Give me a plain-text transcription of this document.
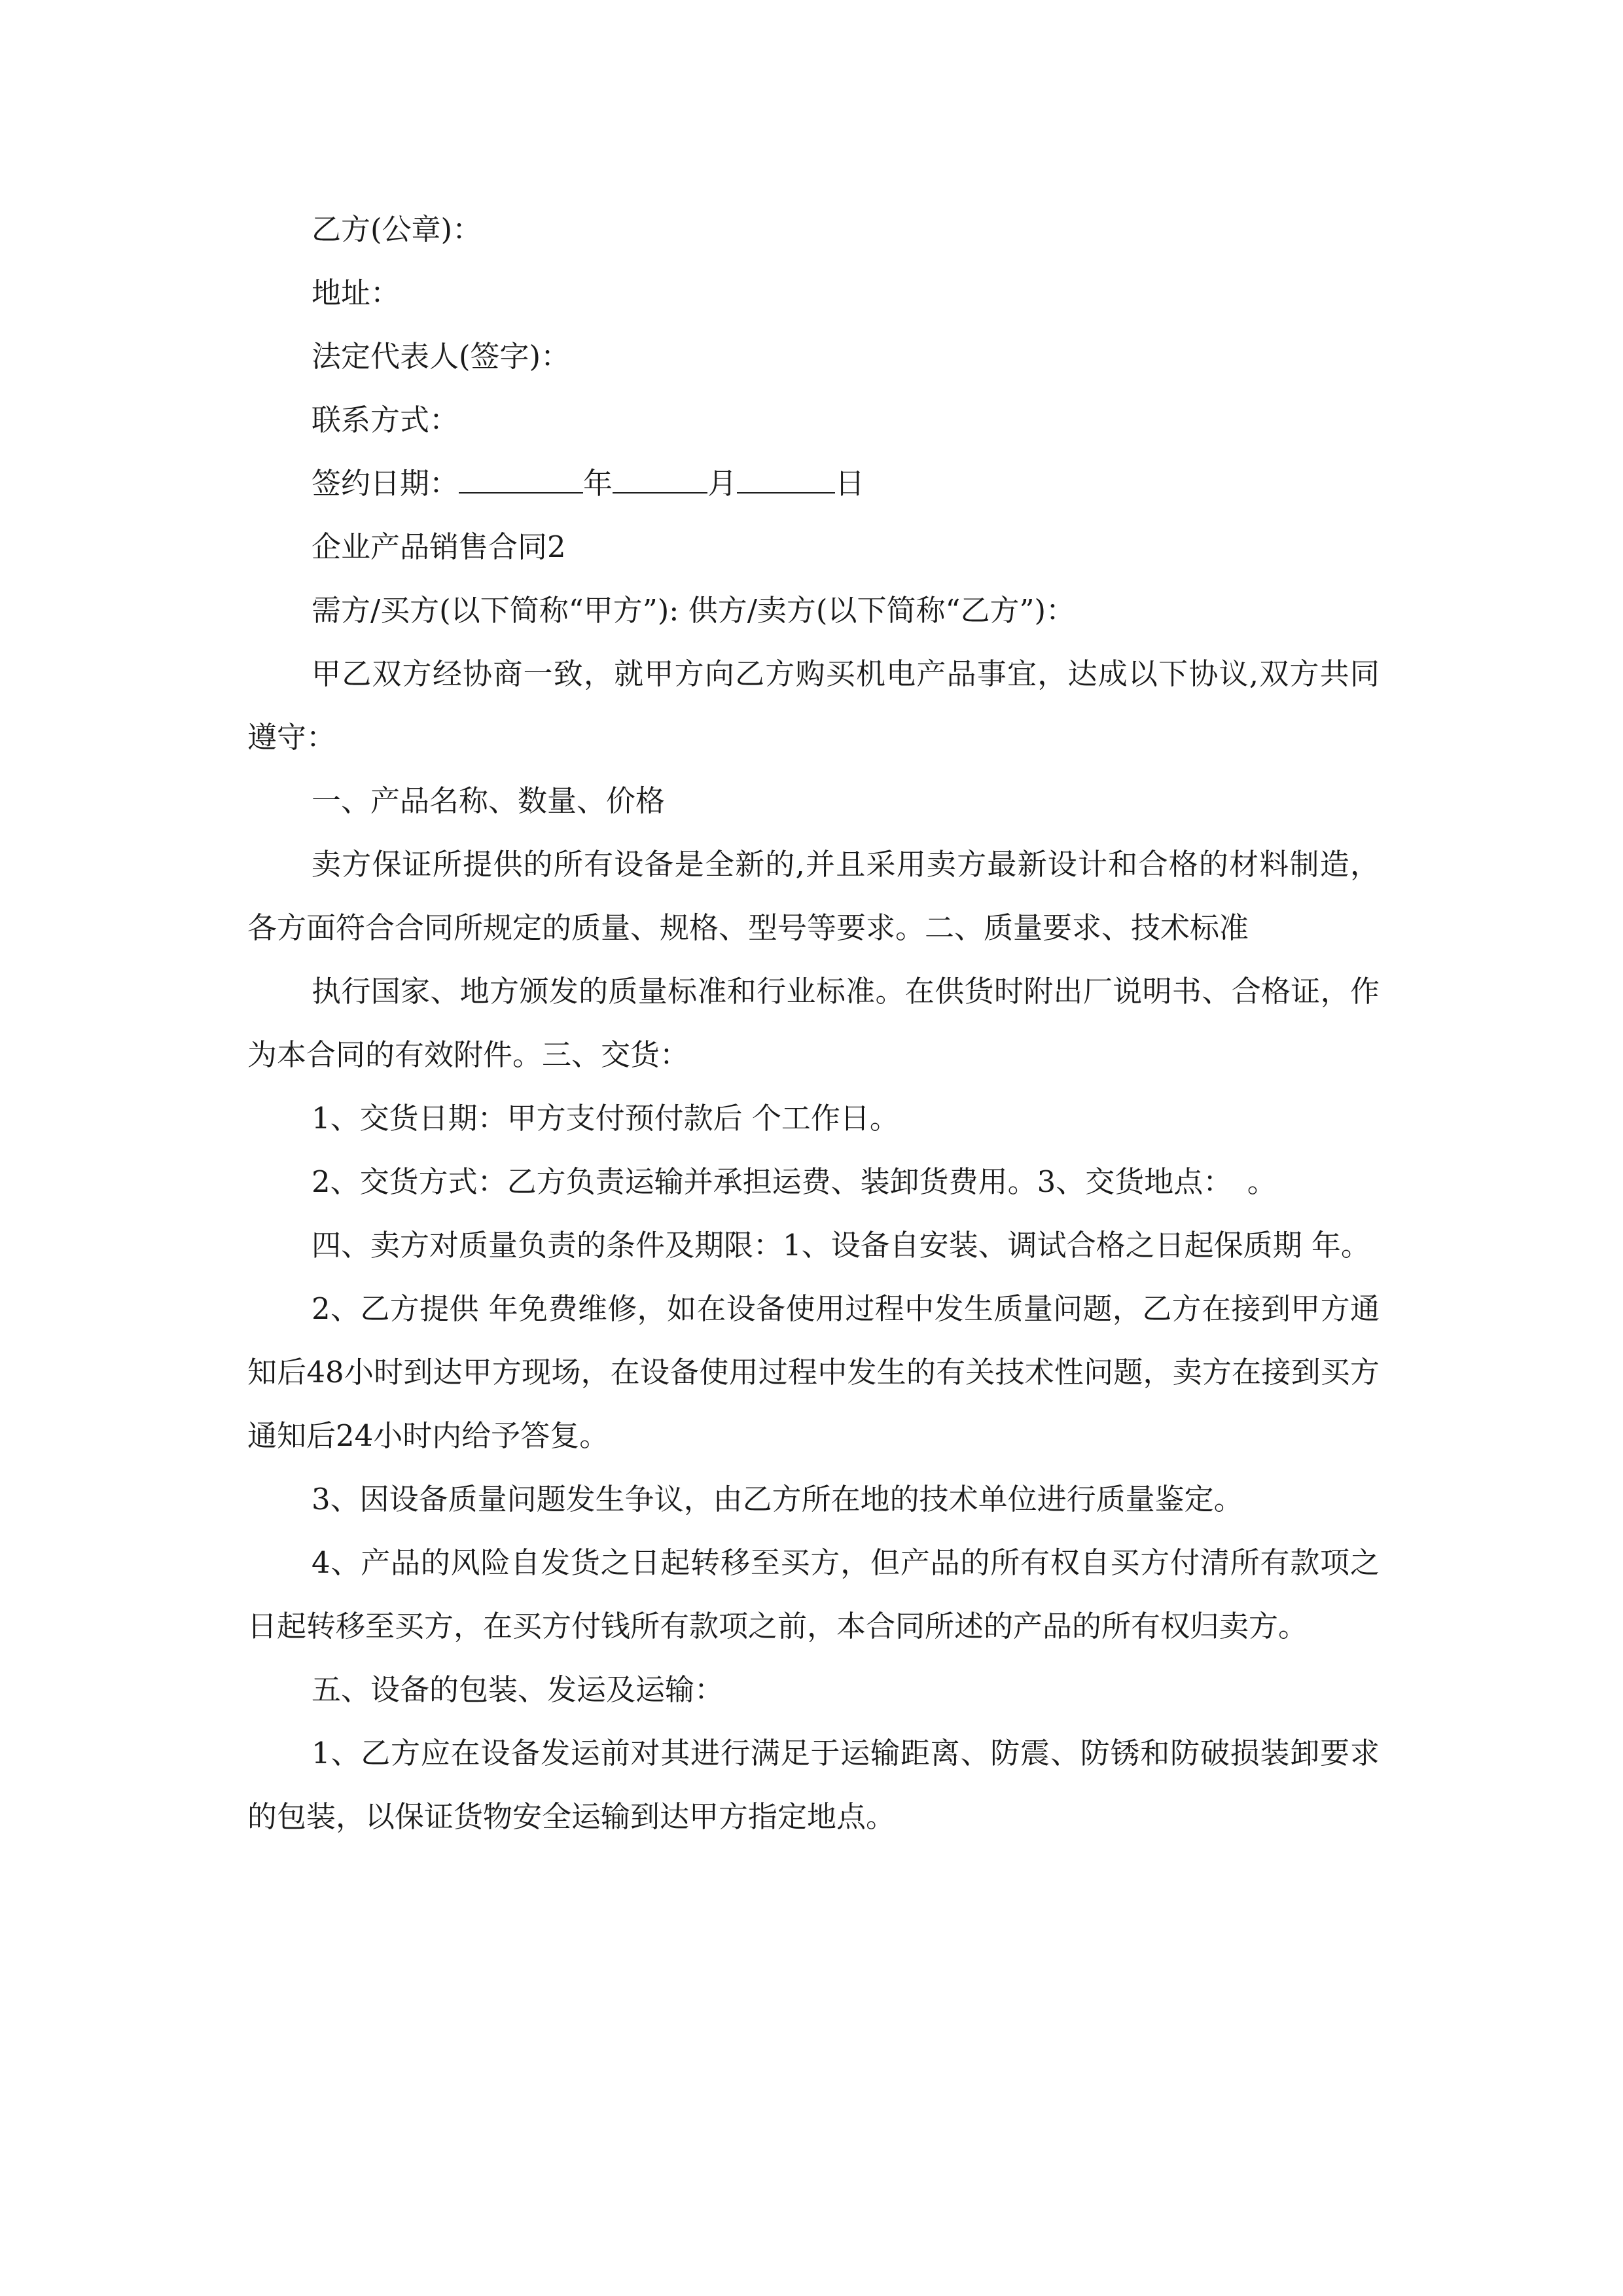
乙方(公章)：

地址：

法定代表人(签字)：

联系方式：

签约日期：	年	月	日

企业产品销售合同2

需方/买方(以下简称“甲方”): 供方/卖方(以下简称“乙方”)：

甲乙双方经协商一致，就甲方向乙方购买机电产品事宜，达成以下协议,双方共同遵守：

一、产品名称、数量、价格

卖方保证所提供的所有设备是全新的,并且采用卖方最新设计和合格的材料制造，各方面符合合同所规定的质量、规格、型号等要求。二、质量要求、技术标准

执行国家、地方颁发的质量标准和行业标准。在供货时附出厂说明书、合格证，作为本合同的有效附件。三、交货：

1、交货日期：甲方支付预付款后 个工作日。

2、交货方式：乙方负责运输并承担运费、装卸货费用。3、交货地点：　。

四、卖方对质量负责的条件及期限：1、设备自安装、调试合格之日起保质期 年。

2、乙方提供 年免费维修，如在设备使用过程中发生质量问题，乙方在接到甲方通知后48小时到达甲方现场，在设备使用过程中发生的有关技术性问题，卖方在接到买方通知后24小时内给予答复。

3、因设备质量问题发生争议，由乙方所在地的技术单位进行质量鉴定。

4、产品的风险自发货之日起转移至买方，但产品的所有权自买方付清所有款项之日起转移至买方，在买方付钱所有款项之前，本合同所述的产品的所有权归卖方。

五、设备的包装、发运及运输：

1、乙方应在设备发运前对其进行满足于运输距离、防震、防锈和防破损装卸要求的包装，以保证货物安全运输到达甲方指定地点。
